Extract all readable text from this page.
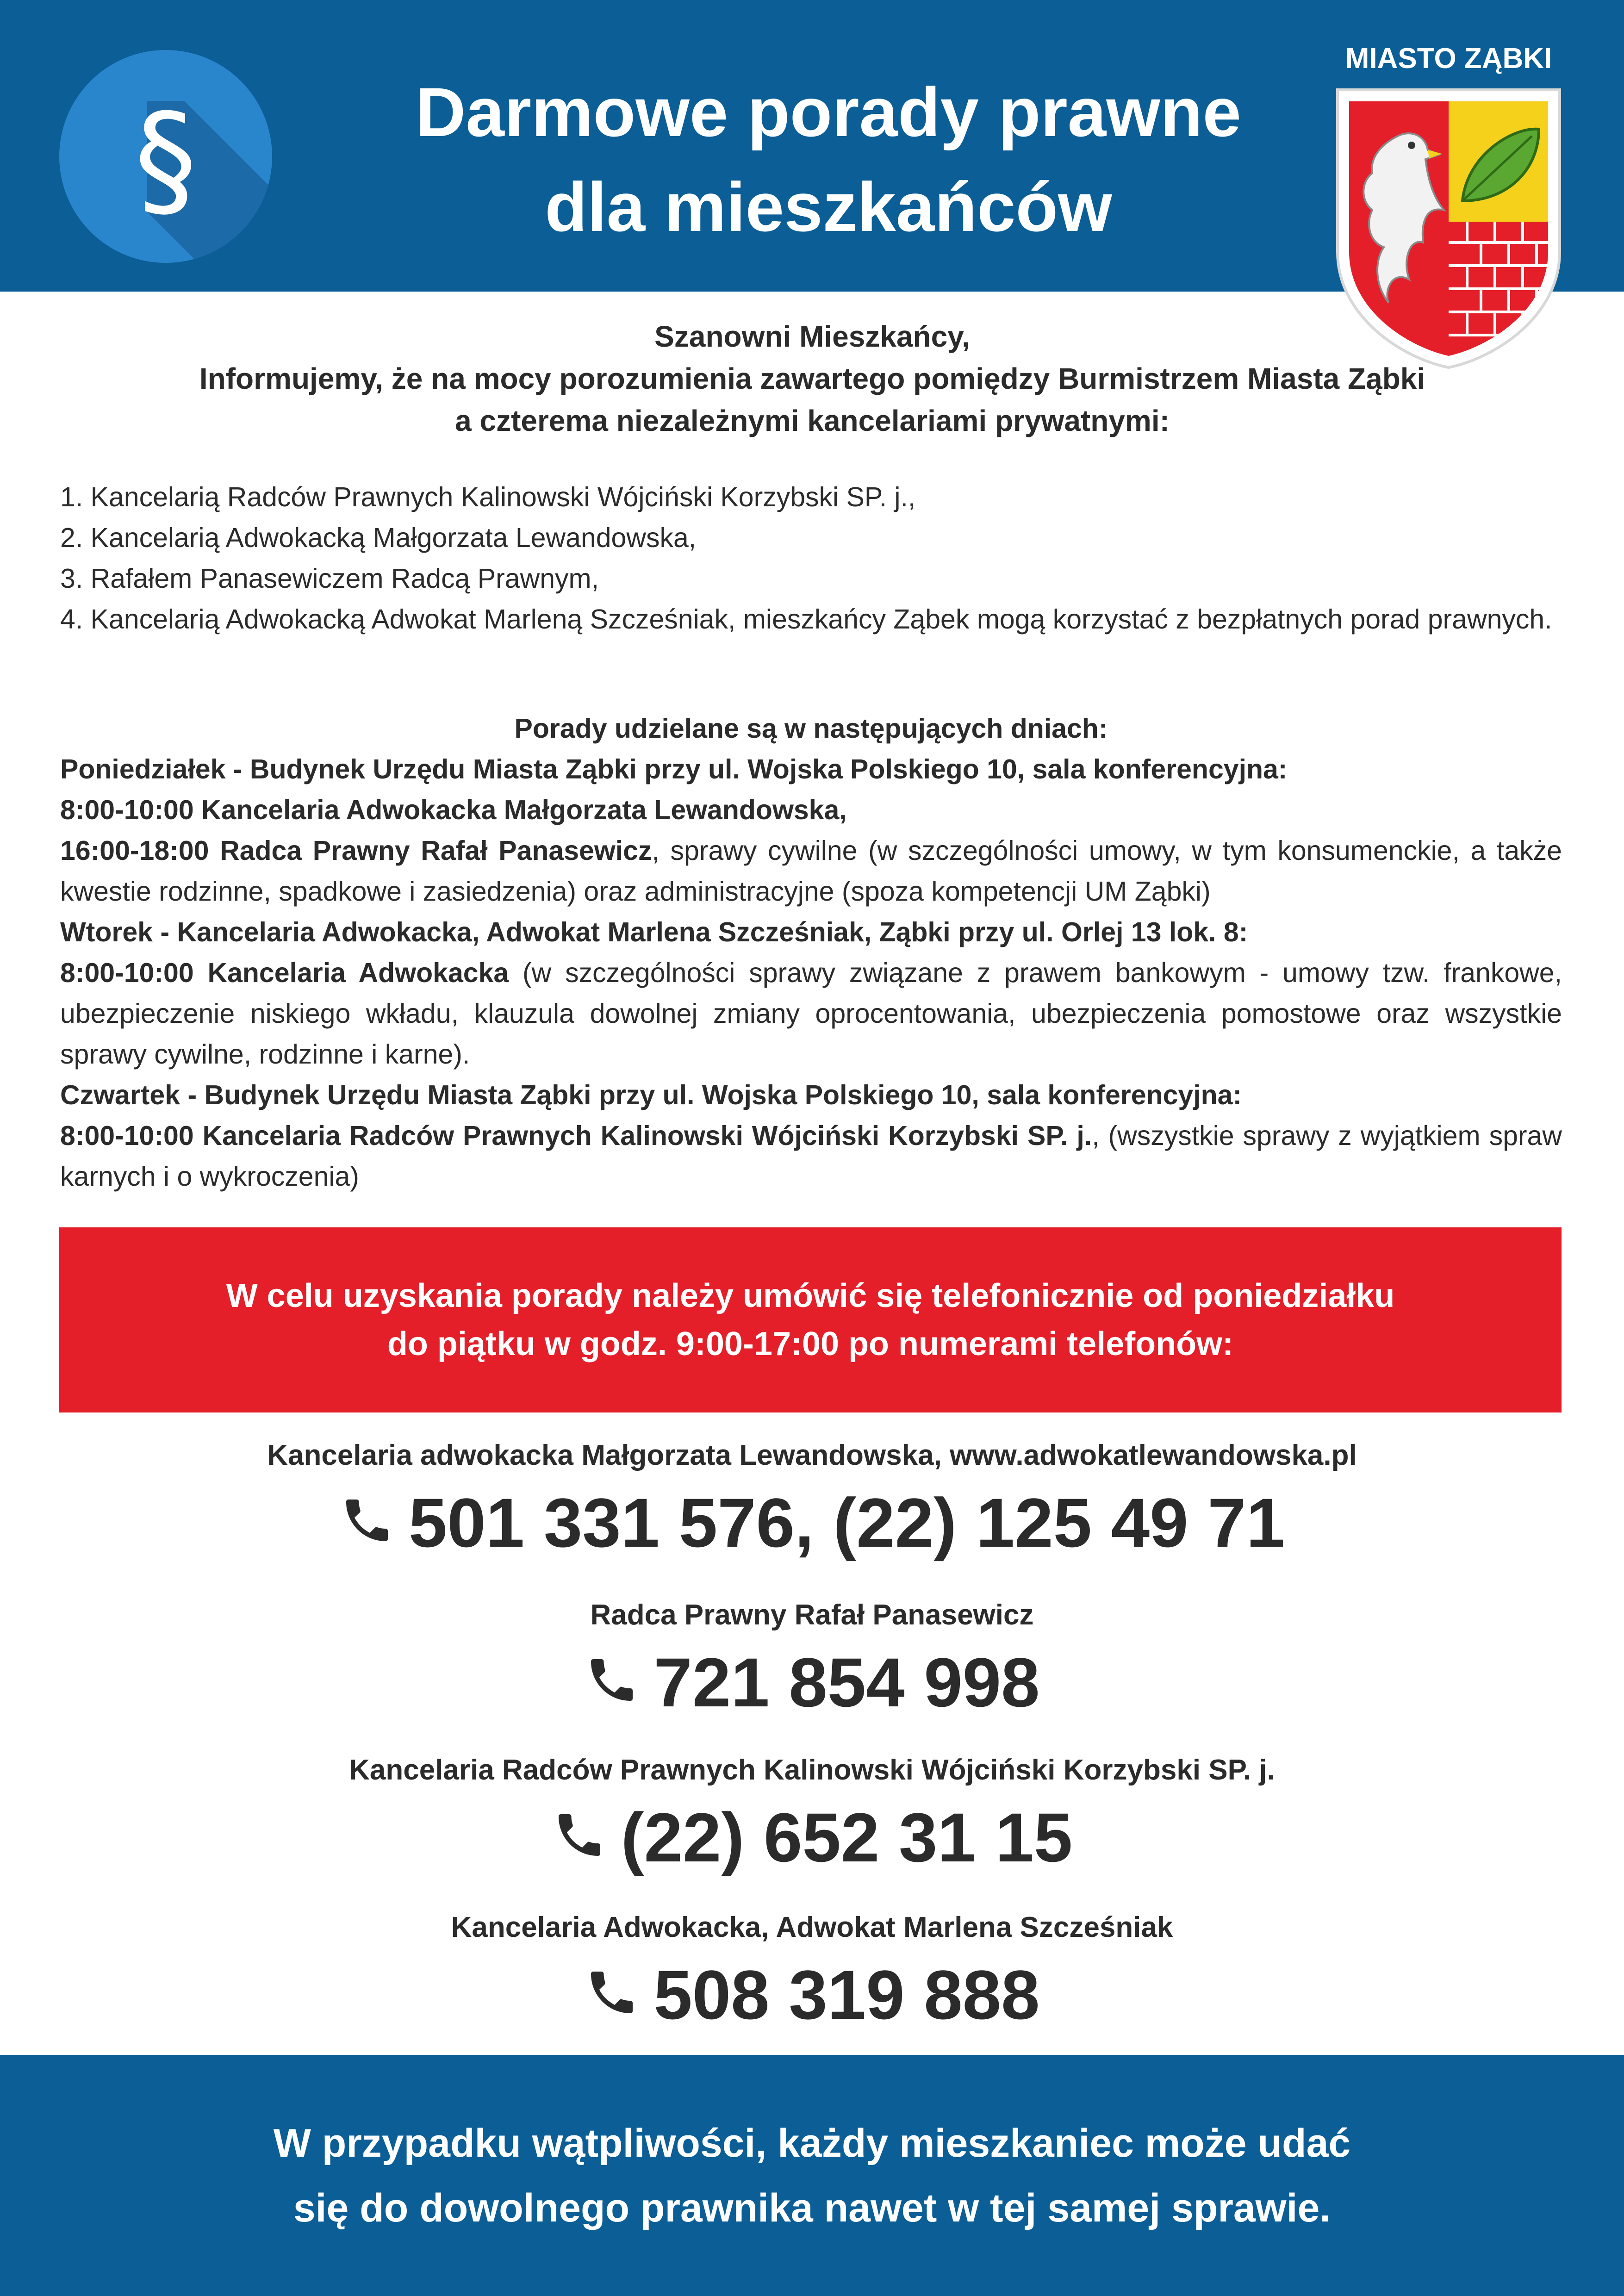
§	Darmowe porady prawne
dla mieszkańców
MIASTO ZĄBKI
Szanowni Mieszkańcy,
Informujemy, że na mocy porozumienia zawartego pomiędzy Burmistrzem Miasta Ząbki
a czterema niezależnymi kancelariami prywatnymi:
1. Kancelarią Radców Prawnych Kalinowski Wójciński Korzybski SP. j.,
2. Kancelarią Adwokacką Małgorzata Lewandowska,
3. Rafałem Panasewiczem Radcą Prawnym,
4. Kancelarią Adwokacką Adwokat Marleną Szcześniak, mieszkańcy Ząbek mogą korzystać z bezpłatnych porad prawnych.

Porady udzielane są w następujących dniach:

Poniedziałek - Budynek Urzędu Miasta Ząbki przy ul. Wojska Polskiego 10, sala konferencyjna:

8:00-10:00 Kancelaria Adwokacka Małgorzata Lewandowska,

16:00-18:00 Radca Prawny Rafał Panasewicz, sprawy cywilne (w szczególności umowy, w tym konsumenckie, a także kwestie rodzinne, spadkowe i zasiedzenia) oraz administracyjne (spoza kompetencji UM Ząbki)

Wtorek - Kancelaria Adwokacka, Adwokat Marlena Szcześniak, Ząbki przy ul. Orlej 13 lok. 8:

8:00-10:00 Kancelaria Adwokacka (w szczególności sprawy związane z prawem bankowym - umowy tzw. frankowe, ubezpieczenie niskiego wkładu, klauzula dowolnej zmiany oprocentowania, ubezpieczenia pomostowe oraz wszystkie sprawy cywilne, rodzinne i karne).

Czwartek - Budynek Urzędu Miasta Ząbki przy ul. Wojska Polskiego 10, sala konferencyjna:

8:00-10:00 Kancelaria Radców Prawnych Kalinowski Wójciński Korzybski SP. j., (wszystkie sprawy z wyjątkiem spraw karnych i o wykroczenia)

W celu uzyskania porady należy umówić się telefonicznie od poniedziałku
do piątku w godz. 9:00-17:00 po numerami telefonów:
Kancelaria adwokacka Małgorzata Lewandowska, www.adwokatlewandowska.pl
501 331 576, (22) 125 49 71
Radca Prawny Rafał Panasewicz
721 854 998
Kancelaria Radców Prawnych Kalinowski Wójciński Korzybski SP. j.
(22) 652 31 15
Kancelaria Adwokacka, Adwokat Marlena Szcześniak
508 319 888
W przypadku wątpliwości, każdy mieszkaniec może udać
się do dowolnego prawnika nawet w tej samej sprawie.
